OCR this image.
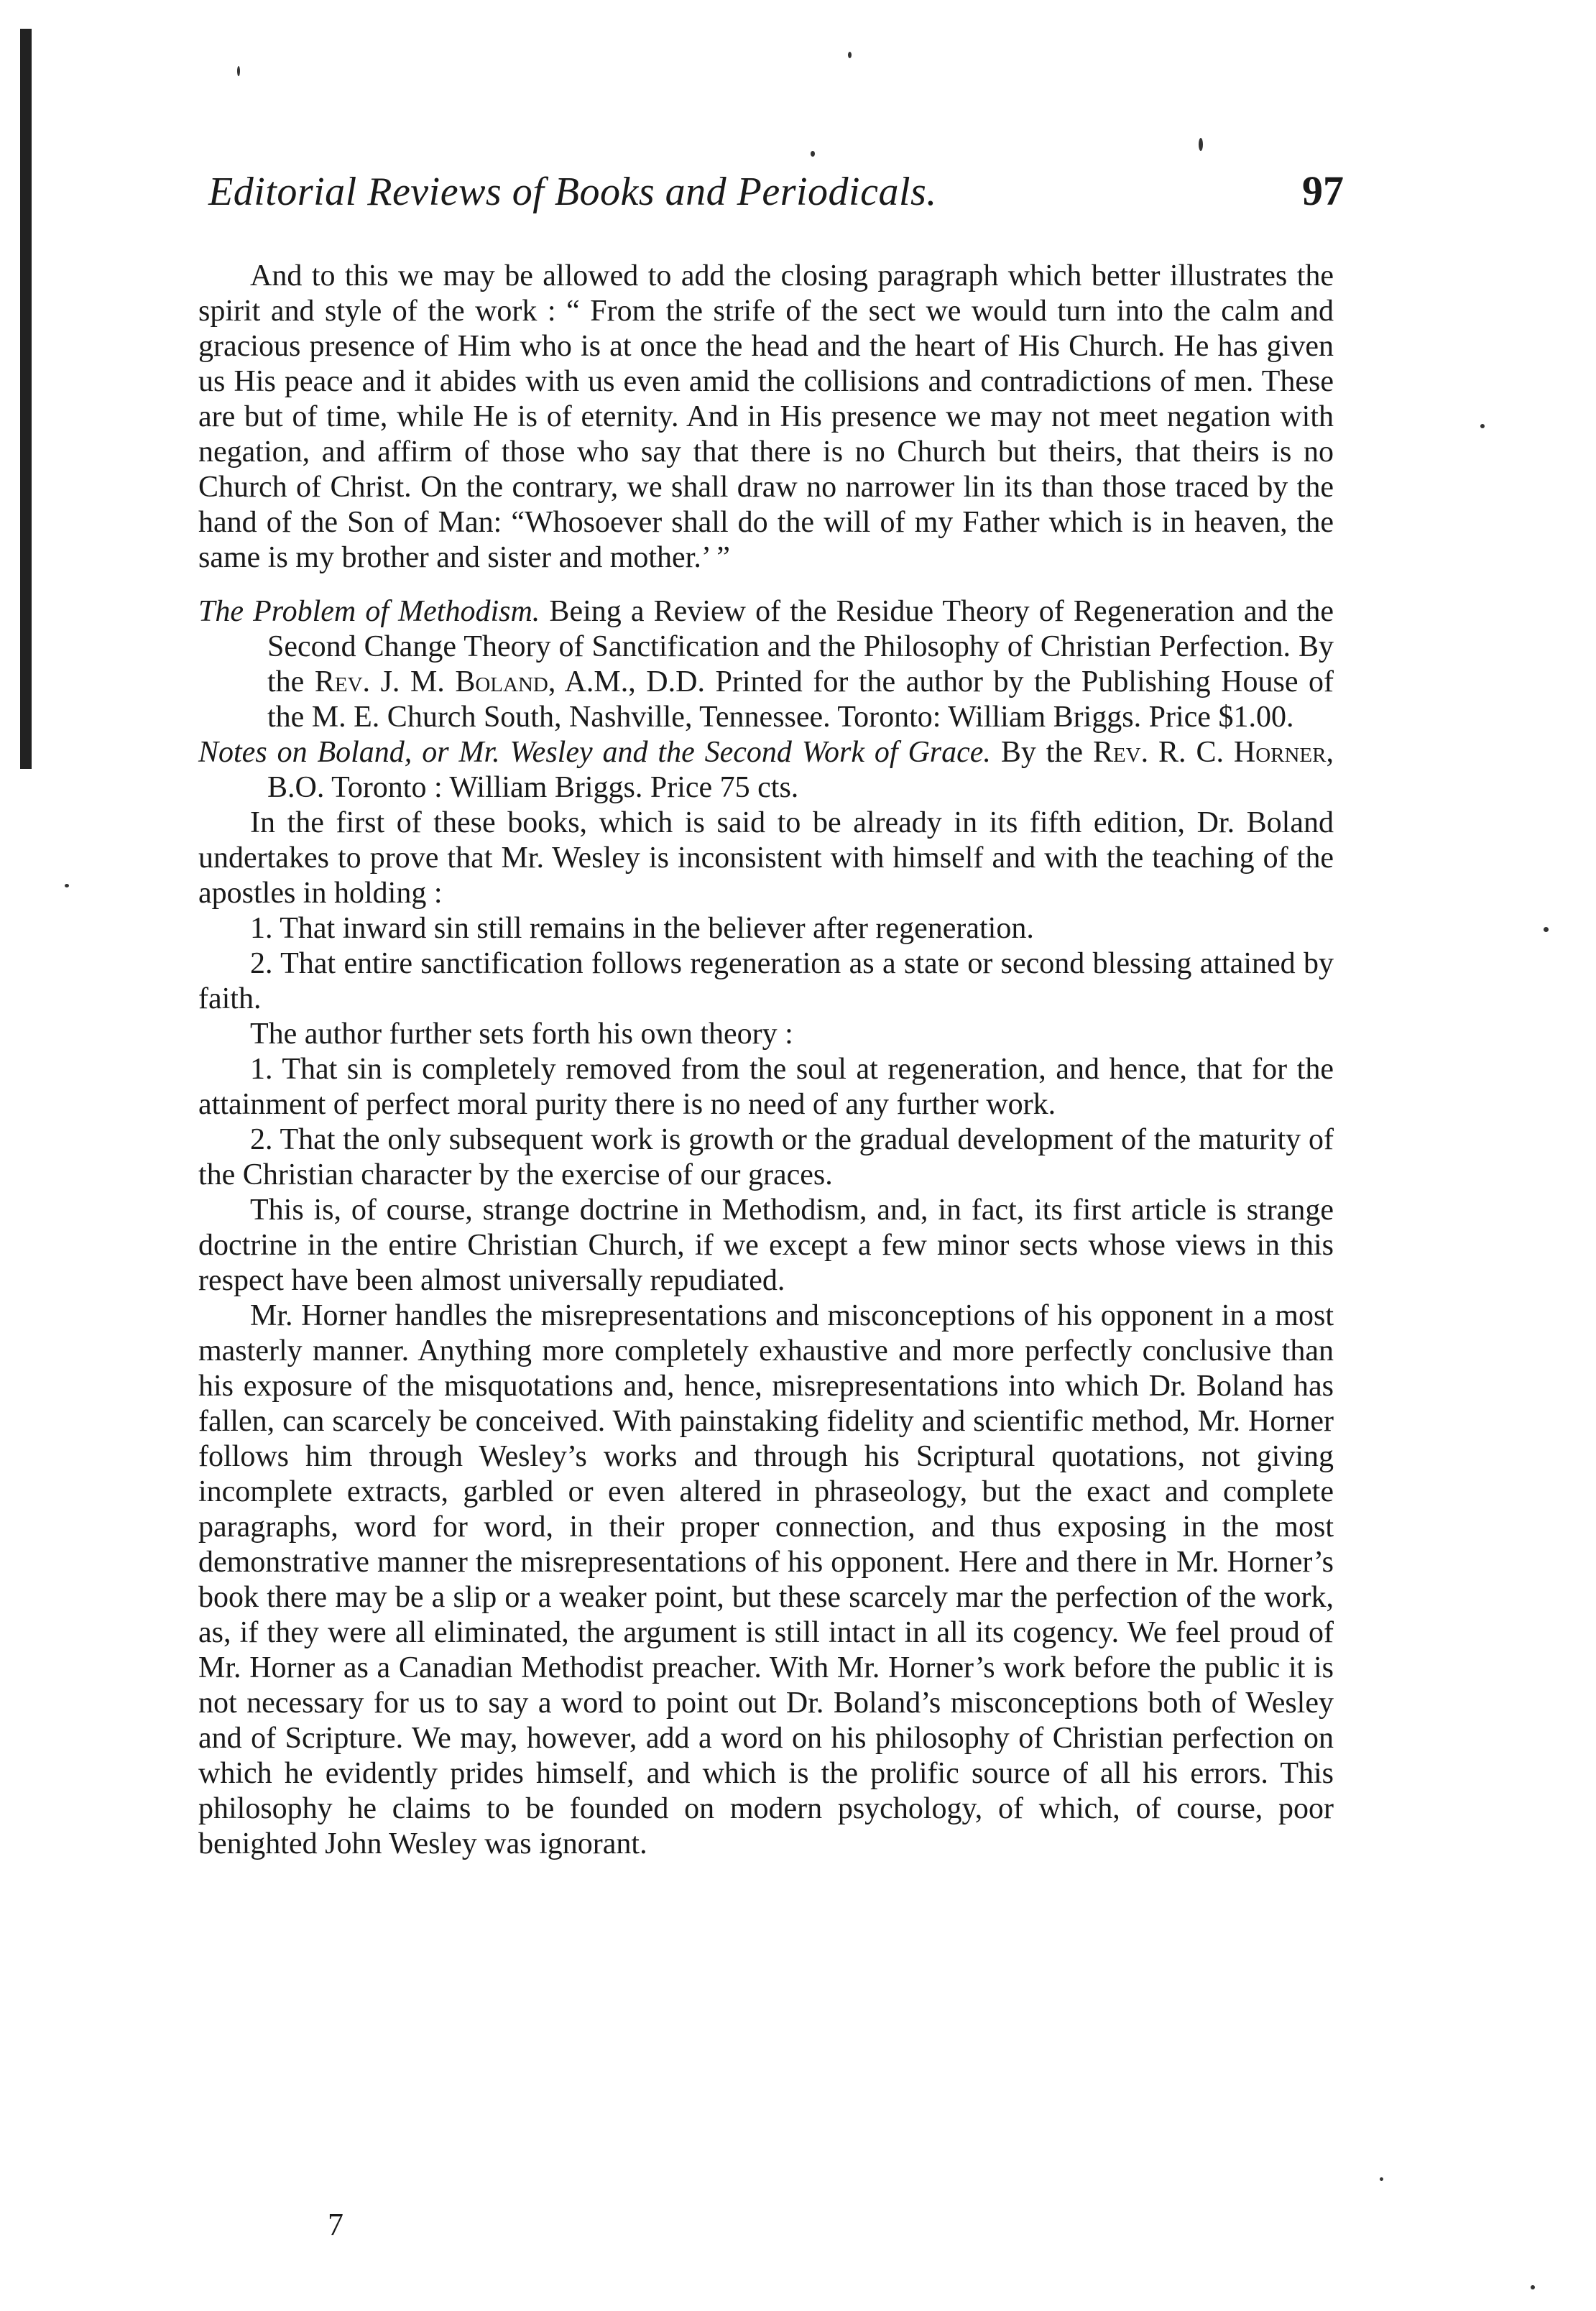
Editorial Reviews of Books and Periodicals.	97

And to this we may be allowed to add the closing paragraph which better illustrates the spirit and style of the work : “ From the strife of the sect we would turn into the calm and gracious presence of Him who is at once the head and the heart of His Church. He has given us His peace and it abides with us even amid the collisions and contradictions of men. These are but of time, while He is of eternity. And in His presence we may not meet negation with negation, and affirm of those who say that there is no Church but theirs, that theirs is no Church of Christ. On the contrary, we shall draw no narrower lin its than those traced by the hand of the Son of Man: “Whosoever shall do the will of my Father which is in heaven, the same is my brother and sister and mother.’ ”

The Problem of Methodism. Being a Review of the Residue Theory of Regeneration and the Second Change Theory of Sanctification and the Philosophy of Christian Perfection. By the Rev. J. M. Boland, A.M., D.D. Printed for the author by the Publishing House of the M. E. Church South, Nashville, Tennessee. Toronto: William Briggs. Price $1.00.

Notes on Boland, or Mr. Wesley and the Second Work of Grace. By the Rev. R. C. Horner, B.O. Toronto : William Briggs. Price 75 cts.

In the first of these books, which is said to be already in its fifth edition, Dr. Boland undertakes to prove that Mr. Wesley is inconsistent with himself and with the teaching of the apostles in holding :

1. That inward sin still remains in the believer after regeneration.

2. That entire sanctification follows regeneration as a state or second blessing attained by faith.

The author further sets forth his own theory :

1. That sin is completely removed from the soul at regeneration, and hence, that for the attainment of perfect moral purity there is no need of any further work.

2. That the only subsequent work is growth or the gradual development of the maturity of the Christian character by the exercise of our graces.

This is, of course, strange doctrine in Methodism, and, in fact, its first article is strange doctrine in the entire Christian Church, if we except a few minor sects whose views in this respect have been almost universally repudiated.

Mr. Horner handles the misrepresentations and misconceptions of his opponent in a most masterly manner. Anything more completely exhaustive and more perfectly conclusive than his exposure of the misquotations and, hence, misrepresentations into which Dr. Boland has fallen, can scarcely be conceived. With painstaking fidelity and scientific method, Mr. Horner follows him through Wesley’s works and through his Scriptural quotations, not giving incomplete extracts, garbled or even altered in phraseology, but the exact and complete paragraphs, word for word, in their proper connection, and thus exposing in the most demonstrative manner the misrepresentations of his opponent. Here and there in Mr. Horner’s book there may be a slip or a weaker point, but these scarcely mar the perfection of the work, as, if they were all eliminated, the argument is still intact in all its cogency. We feel proud of Mr. Horner as a Canadian Methodist preacher. With Mr. Horner’s work before the public it is not necessary for us to say a word to point out Dr. Boland’s misconceptions both of Wesley and of Scripture. We may, however, add a word on his philosophy of Christian perfection on which he evidently prides himself, and which is the prolific source of all his errors. This philosophy he claims to be founded on modern psychology, of which, of course, poor benighted John Wesley was ignorant.

7
